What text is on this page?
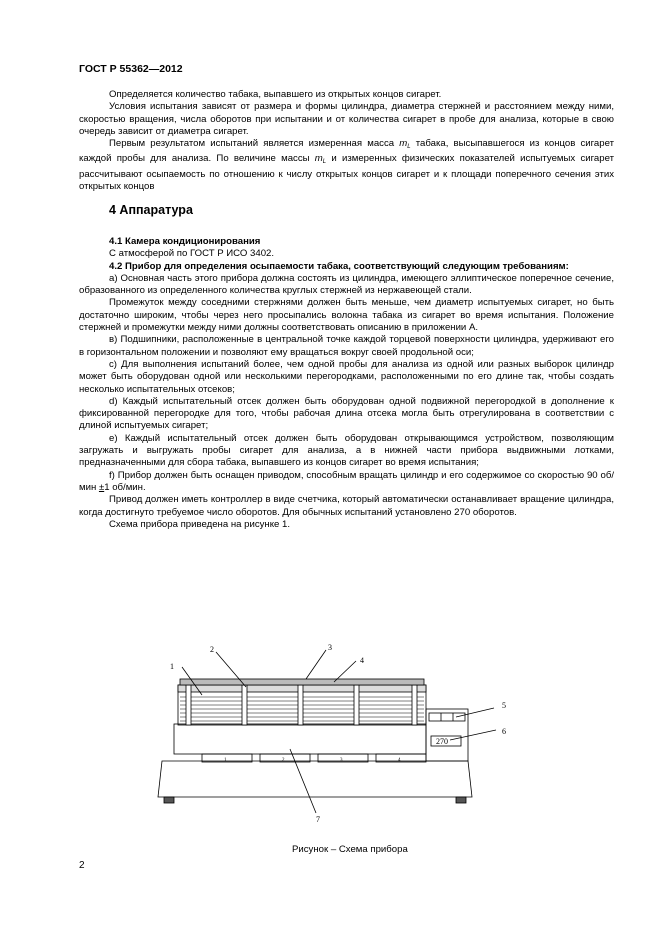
ГОСТ Р 55362—2012

Определяется количество табака, выпавшего из открытых концов сигарет.

Условия испытания зависят от размера и формы цилиндра, диаметра стержней и расстоянием между ними, скоростью вращения, числа оборотов при испытании и от количества сигарет в пробе для анализа, которые в свою очередь зависит от диаметра сигарет.

Первым результатом испытаний является измеренная масса $m_L$ табака, высыпавшегося из концов сигарет каждой пробы для анализа. По величине массы $m_L$ и измеренных физических показателей испытуемых сигарет рассчитывают осыпаемость по отношению к числу открытых концов сигарет и к площади поперечного сечения этих открытых концов

4 Аппаратура

4.1 Камера кондиционирования

С атмосферой по ГОСТ Р ИСО 3402.

4.2 Прибор для определения осыпаемости табака, соответствующий следующим требованиям:

а) Основная часть этого прибора должна состоять из цилиндра, имеющего эллиптическое поперечное сечение, образованного из определенного количества круглых стержней из нержавеющей стали.

Промежуток между соседними стержнями должен быть меньше, чем диаметр испытуемых сигарет, но быть достаточно широким, чтобы через него просыпались волокна табака из сигарет во время испытания. Положение стержней и промежутки между ними должны соответствовать описанию в приложении А.

в) Подшипники, расположенные в центральной точке каждой торцевой поверхности цилиндра, удерживают его в горизонтальном положении и позволяют ему вращаться вокруг своей продольной оси;

с) Для выполнения испытаний более, чем одной пробы для анализа из одной или разных выборок цилиндр может быть оборудован одной или несколькими перегородками, расположенными по его длине так, чтобы создать несколько испытательных отсеков;

d) Каждый испытательный отсек должен быть оборудован одной подвижной перегородкой в дополнение к фиксированной перегородке для того, чтобы рабочая длина отсека могла быть отрегулирована в соответствии с длиной испытуемых сигарет;

е) Каждый испытательный отсек должен быть оборудован открывающимся устройством, позволяющим загружать и выгружать пробы сигарет для анализа, а в нижней части прибора выдвижными лотками, предназначенными для сбора табака, выпавшего из концов сигарет во время испытания;

f) Прибор должен быть оснащен приводом, способным вращать цилиндр и его содержимое со скоростью 90 об/мин ±1 об/мин.

Привод должен иметь контроллер в виде счетчика, который автоматически останавливает вращение цилиндра, когда достигнуто требуемое число оборотов. Для обычных испытаний установлено 270 оборотов.

Схема прибора приведена на рисунке 1.

1	2	3	4
270
1
2	3
4
5
6
7
Рисунок – Схема прибора
2
